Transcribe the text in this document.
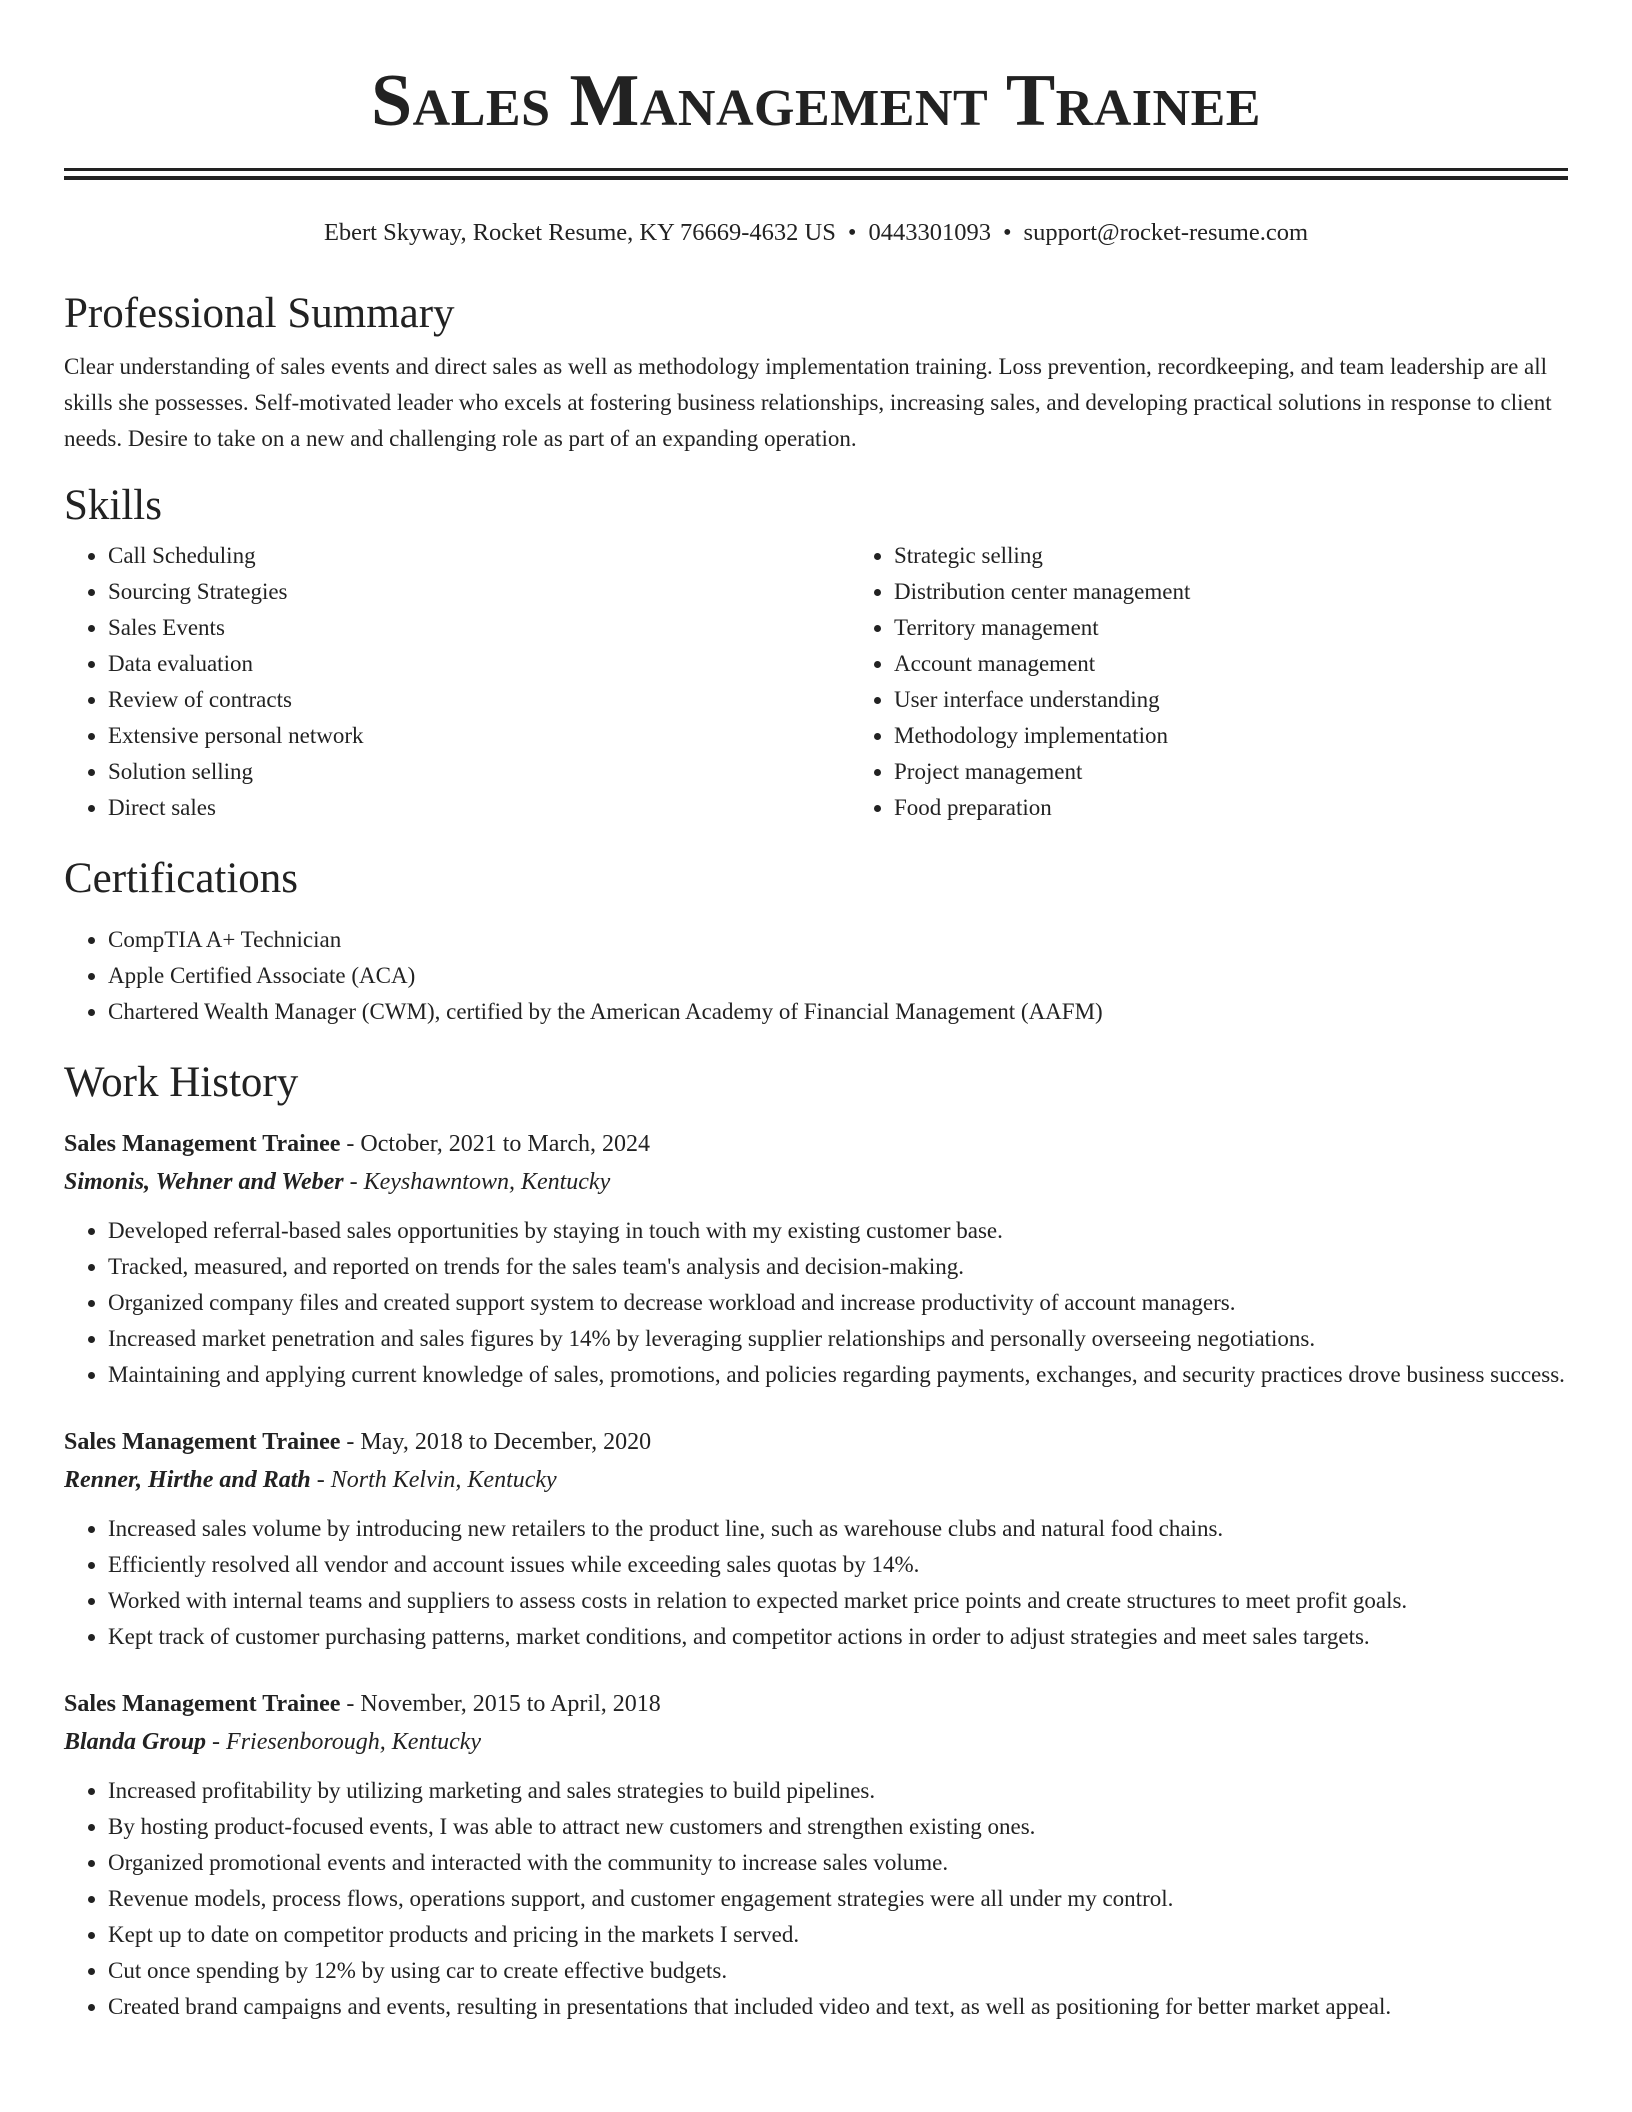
Sales Management Trainee
Ebert Skyway, Rocket Resume, KY 76669-4632 US • 0443301093 • support@rocket-resume.com
Professional Summary

Clear understanding of sales events and direct sales as well as methodology implementation training. Loss prevention, recordkeeping, and team leadership are all skills she possesses. Self-motivated leader who excels at fostering business relationships, increasing sales, and developing practical solutions in response to client needs. Desire to take on a new and challenging role as part of an expanding operation.

Skills
• Call Scheduling
• Sourcing Strategies
• Sales Events
• Data evaluation
• Review of contracts
• Extensive personal network
• Solution selling
• Direct sales
• Strategic selling
• Distribution center management
• Territory management
• Account management
• User interface understanding
• Methodology implementation
• Project management
• Food preparation
Certifications
• CompTIA A+ Technician
• Apple Certified Associate (ACA)
• Chartered Wealth Manager (CWM), certified by the American Academy of Financial Management (AAFM)
Work History
Sales Management Trainee - October, 2021 to March, 2024
Simonis, Wehner and Weber - Keyshawntown, Kentucky
• Developed referral-based sales opportunities by staying in touch with my existing customer base.
• Tracked, measured, and reported on trends for the sales team's analysis and decision-making.
• Organized company files and created support system to decrease workload and increase productivity of account managers.
• Increased market penetration and sales figures by 14% by leveraging supplier relationships and personally overseeing negotiations.
• Maintaining and applying current knowledge of sales, promotions, and policies regarding payments, exchanges, and security practices drove business success.
Sales Management Trainee - May, 2018 to December, 2020
Renner, Hirthe and Rath - North Kelvin, Kentucky
• Increased sales volume by introducing new retailers to the product line, such as warehouse clubs and natural food chains.
• Efficiently resolved all vendor and account issues while exceeding sales quotas by 14%.
• Worked with internal teams and suppliers to assess costs in relation to expected market price points and create structures to meet profit goals.
• Kept track of customer purchasing patterns, market conditions, and competitor actions in order to adjust strategies and meet sales targets.
Sales Management Trainee - November, 2015 to April, 2018
Blanda Group - Friesenborough, Kentucky
• Increased profitability by utilizing marketing and sales strategies to build pipelines.
• By hosting product-focused events, I was able to attract new customers and strengthen existing ones.
• Organized promotional events and interacted with the community to increase sales volume.
• Revenue models, process flows, operations support, and customer engagement strategies were all under my control.
• Kept up to date on competitor products and pricing in the markets I served.
• Cut once spending by 12% by using car to create effective budgets.
• Created brand campaigns and events, resulting in presentations that included video and text, as well as positioning for better market appeal.
